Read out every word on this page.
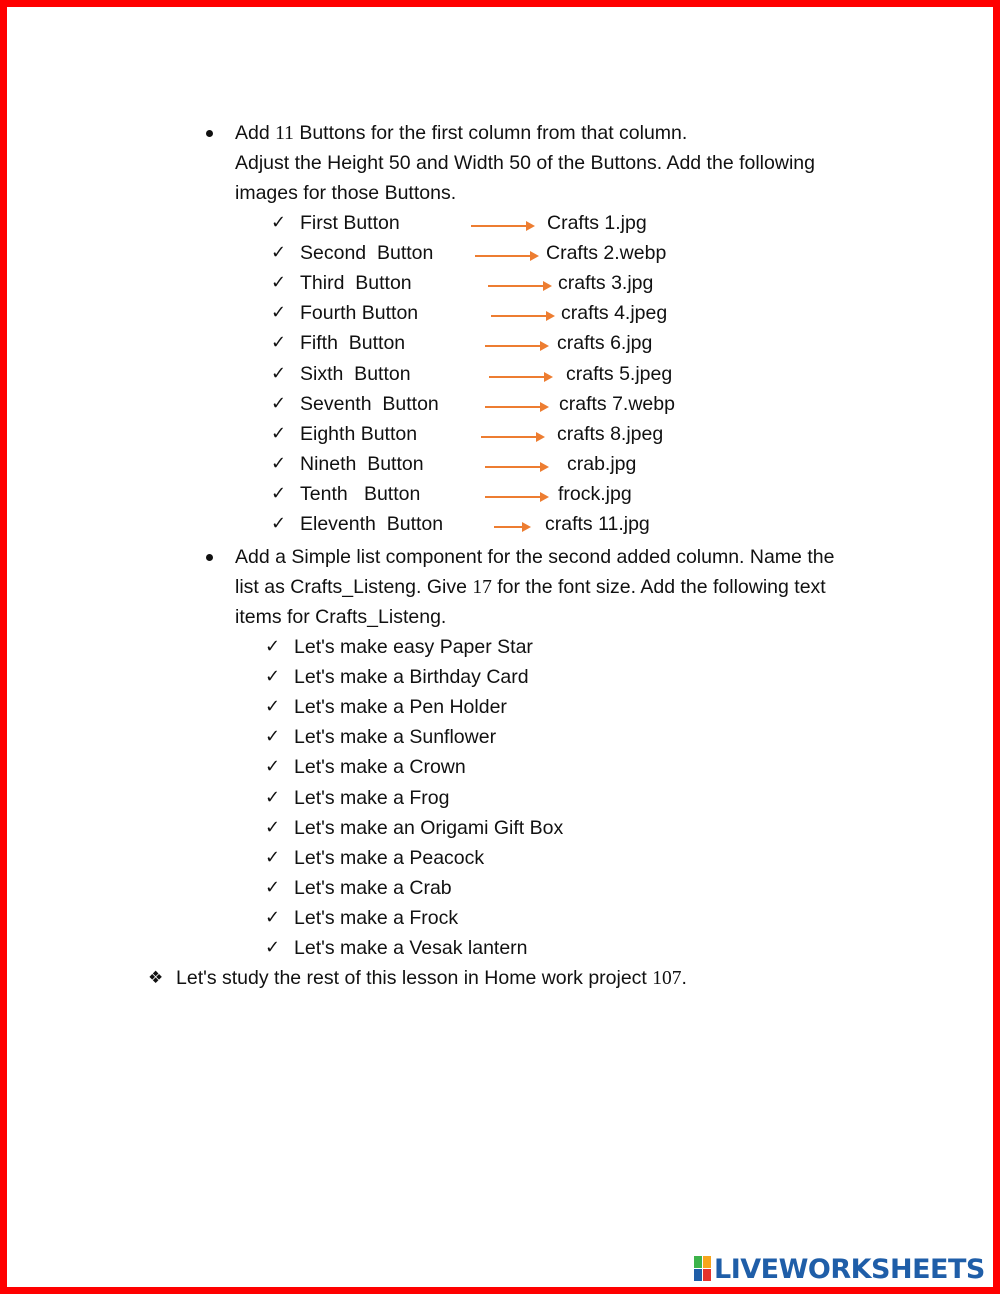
Add 11 Buttons for the first column from that column.
Adjust the Height 50 and Width 50 of the Buttons. Add the following
images for those Buttons.
✓ First Button	Crafts 1.jpg
✓ Second  Button	Crafts 2.webp
✓ Third  Button	crafts 3.jpg
✓ Fourth Button	crafts 4.jpeg
✓ Fifth  Button	crafts 6.jpg
✓ Sixth  Button	crafts 5.jpeg
✓ Seventh  Button	crafts 7.webp
✓ Eighth Button	crafts 8.jpeg
✓ Nineth  Button	crab.jpg
✓ Tenth   Button	frock.jpg
✓ Eleventh  Button	crafts 11.jpg
Add a Simple list component for the second added column. Name the
list as Crafts_Listeng. Give 17 for the font size. Add the following text
items for Crafts_Listeng.
✓ Let's make easy Paper Star
✓ Let's make a Birthday Card
✓ Let's make a Pen Holder
✓ Let's make a Sunflower
✓ Let's make a Crown
✓ Let's make a Frog
✓ Let's make an Origami Gift Box
✓ Let's make a Peacock
✓ Let's make a Crab
✓ Let's make a Frock
✓ Let's make a Vesak lantern
❖ Let's study the rest of this lesson in Home work project 107.
LIVEWORKSHEETS
